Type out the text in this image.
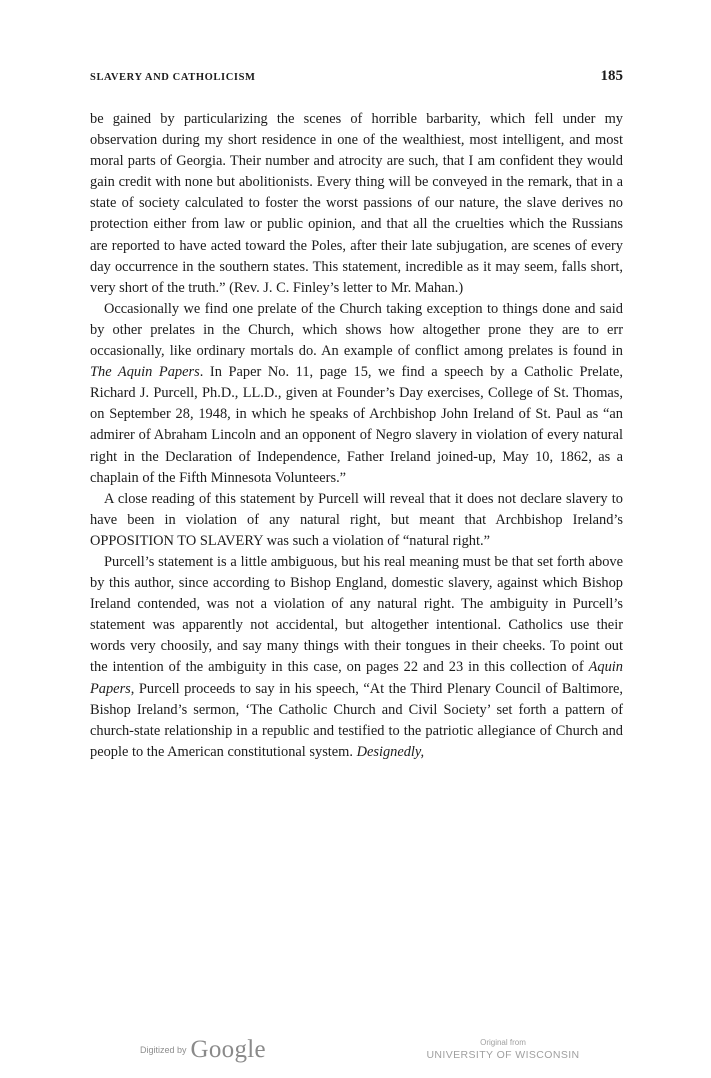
SLAVERY AND CATHOLICISM	185

be gained by particularizing the scenes of horrible barbarity, which fell under my observation during my short residence in one of the wealthiest, most intelligent, and most moral parts of Georgia. Their number and atrocity are such, that I am confident they would gain credit with none but abolitionists. Every thing will be conveyed in the remark, that in a state of society calculated to foster the worst passions of our nature, the slave derives no protection either from law or public opinion, and that all the cruelties which the Russians are reported to have acted toward the Poles, after their late subjugation, are scenes of every day occurrence in the southern states. This statement, incredible as it may seem, falls short, very short of the truth.” (Rev. J. C. Finley’s letter to Mr. Mahan.)

Occasionally we find one prelate of the Church taking exception to things done and said by other prelates in the Church, which shows how altogether prone they are to err occasionally, like ordinary mortals do. An example of conflict among prelates is found in The Aquin Papers. In Paper No. 11, page 15, we find a speech by a Catholic Prelate, Richard J. Purcell, Ph.D., LL.D., given at Founder’s Day exercises, College of St. Thomas, on September 28, 1948, in which he speaks of Archbishop John Ireland of St. Paul as “an admirer of Abraham Lincoln and an opponent of Negro slavery in violation of every natural right in the Declaration of Independence, Father Ireland joined-up, May 10, 1862, as a chaplain of the Fifth Minnesota Volunteers.”

A close reading of this statement by Purcell will reveal that it does not declare slavery to have been in violation of any natural right, but meant that Archbishop Ireland’s OPPOSITION TO SLAVERY was such a violation of “natural right.”

Purcell’s statement is a little ambiguous, but his real meaning must be that set forth above by this author, since according to Bishop England, domestic slavery, against which Bishop Ireland contended, was not a violation of any natural right. The ambiguity in Purcell’s statement was apparently not accidental, but altogether intentional. Catholics use their words very choosily, and say many things with their tongues in their cheeks. To point out the intention of the ambiguity in this case, on pages 22 and 23 in this collection of Aquin Papers, Purcell proceeds to say in his speech, “At the Third Plenary Council of Baltimore, Bishop Ireland’s sermon, ‘The Catholic Church and Civil Society’ set forth a pattern of church-state relationship in a republic and testified to the patriotic allegiance of Church and people to the American constitutional system. Designedly,

Digitized by Google	Original from
UNIVERSITY OF WISCONSIN
